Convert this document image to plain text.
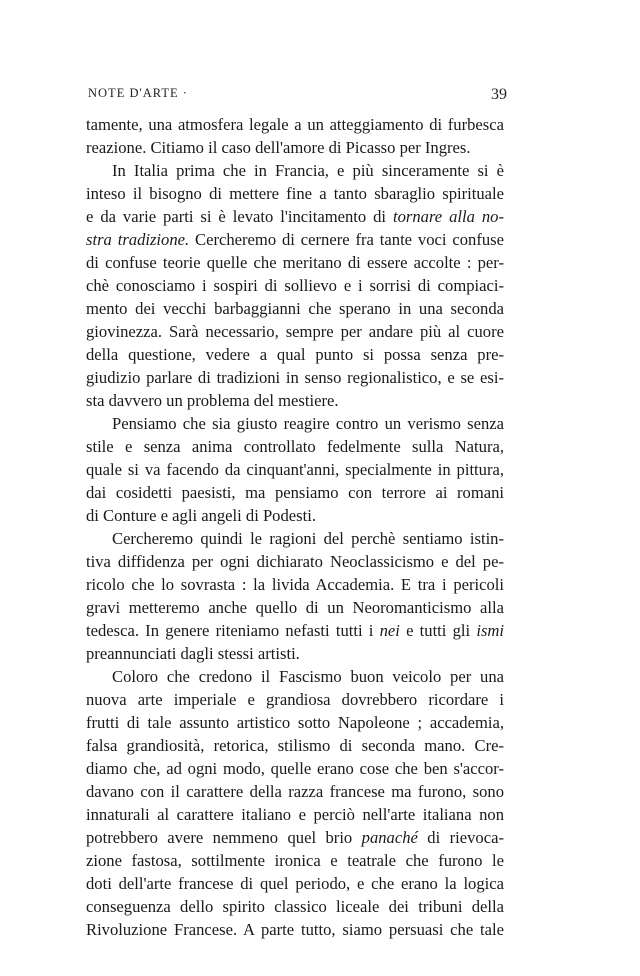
NOTE D'ARTE ·	39
tamente, una atmosfera legale a un atteggiamento di furbesca
reazione. Citiamo il caso dell'amore di Picasso per Ingres.
In Italia prima che in Francia, e più sinceramente si è
inteso il bisogno di mettere fine a tanto sbaraglio spirituale
e da varie parti si è levato l'incitamento di tornare alla no-
stra tradizione. Cercheremo di cernere fra tante voci confuse
di confuse teorie quelle che meritano di essere accolte : per-
chè conosciamo i sospiri di sollievo e i sorrisi di compiaci-
mento dei vecchi barbaggianni che sperano in una seconda
giovinezza. Sarà necessario, sempre per andare più al cuore
della questione, vedere a qual punto si possa senza pre-
giudizio parlare di tradizioni in senso regionalistico, e se esi-
sta davvero un problema del mestiere.
Pensiamo che sia giusto reagire contro un verismo senza
stile e senza anima controllato fedelmente sulla Natura,
quale si va facendo da cinquant'anni, specialmente in pittura,
dai cosidetti paesisti, ma pensiamo con terrore ai romani
di Conture e agli angeli di Podesti.
Cercheremo quindi le ragioni del perchè sentiamo istin-
tiva diffidenza per ogni dichiarato Neoclassicismo e del pe-
ricolo che lo sovrasta : la livida Accademia. E tra i pericoli
gravi metteremo anche quello di un Neoromanticismo alla
tedesca. In genere riteniamo nefasti tutti i nei e tutti gli ismi
preannunciati dagli stessi artisti.
Coloro che credono il Fascismo buon veicolo per una
nuova arte imperiale e grandiosa dovrebbero ricordare i
frutti di tale assunto artistico sotto Napoleone ; accademia,
falsa grandiosità, retorica, stilismo di seconda mano. Cre-
diamo che, ad ogni modo, quelle erano cose che ben s'accor-
davano con il carattere della razza francese ma furono, sono
innaturali al carattere italiano e perciò nell'arte italiana non
potrebbero avere nemmeno quel brio panaché di rievoca-
zione fastosa, sottilmente ironica e teatrale che furono le
doti dell'arte francese di quel periodo, e che erano la logica
conseguenza dello spirito classico liceale dei tribuni della
Rivoluzione Francese. A parte tutto, siamo persuasi che tale
